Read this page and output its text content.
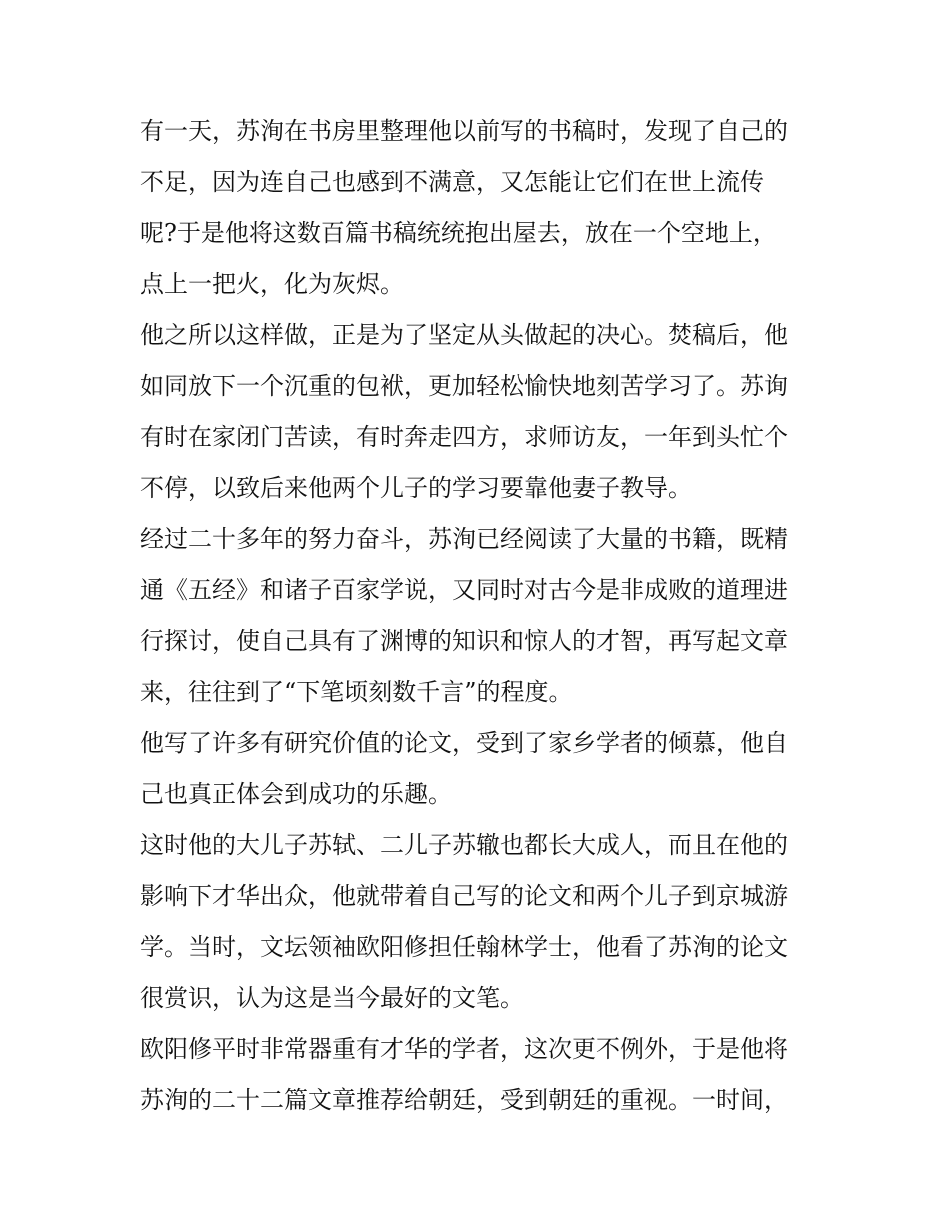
有一天，苏洵在书房里整理他以前写的书稿时，发现了自己的
不足，因为连自己也感到不满意，又怎能让它们在世上流传
呢?于是他将这数百篇书稿统统抱出屋去，放在一个空地上，
点上一把火，化为灰烬。
他之所以这样做，正是为了坚定从头做起的决心。焚稿后，他
如同放下一个沉重的包袱，更加轻松愉快地刻苦学习了。苏询
有时在家闭门苦读，有时奔走四方，求师访友，一年到头忙个
不停，以致后来他两个儿子的学习要靠他妻子教导。
经过二十多年的努力奋斗，苏洵已经阅读了大量的书籍，既精
通《五经》和诸子百家学说，又同时对古今是非成败的道理进
行探讨，使自己具有了渊博的知识和惊人的才智，再写起文章
来，往往到了“下笔顷刻数千言”的程度。
他写了许多有研究价值的论文，受到了家乡学者的倾慕，他自
己也真正体会到成功的乐趣。
这时他的大儿子苏轼、二儿子苏辙也都长大成人，而且在他的
影响下才华出众，他就带着自己写的论文和两个儿子到京城游
学。当时，文坛领袖欧阳修担任翰林学士，他看了苏洵的论文
很赏识，认为这是当今最好的文笔。
欧阳修平时非常器重有才华的学者，这次更不例外，于是他将
苏洵的二十二篇文章推荐给朝廷，受到朝廷的重视。一时间，
